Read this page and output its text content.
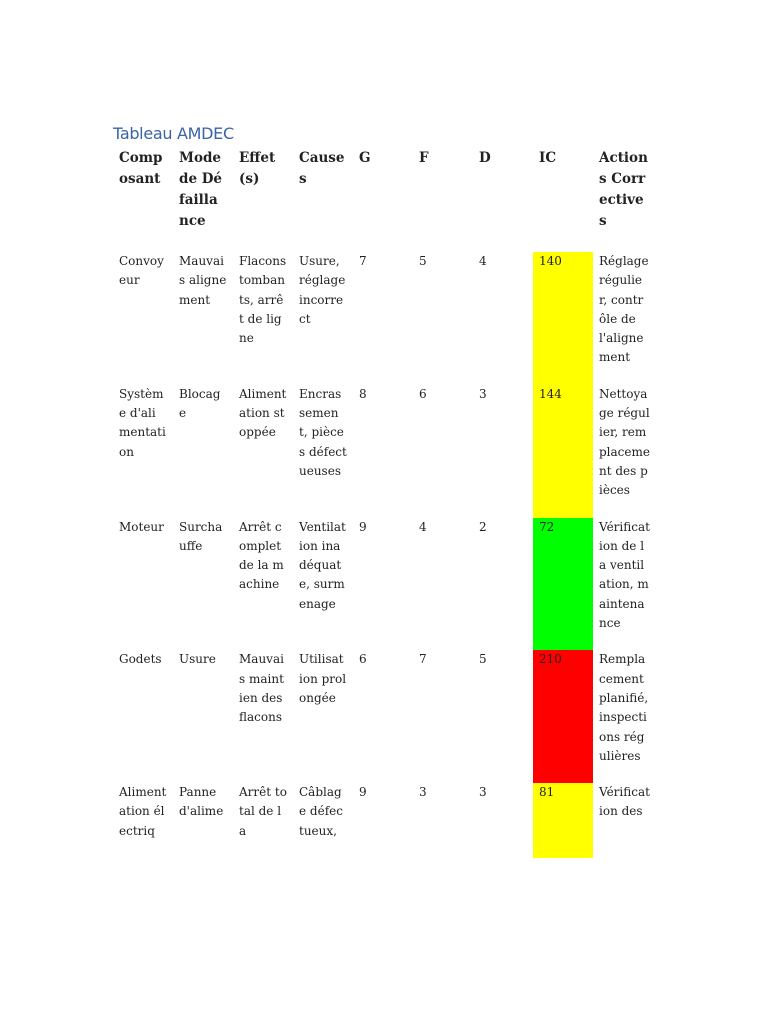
Tableau AMDEC
Composant	Mode de Défaillance	Effet(s)	Causes	G	F	D	IC	Actions Correctives
Convoyeur	Mauvais alignement	Flacons tombants, arrêt de ligne	Usure, réglage incorrect	7	5	4	140	Réglage régulier, contrôle de l'alignement
Système d'alimentation	Blocage	Alimentation stoppée	Encrassement, pièces défectueuses	8	6	3	144	Nettoyage régulier, remplacement des pièces
Moteur	Surchauffe	Arrêt complet de la machine	Ventilation inadéquate, surmenage	9	4	2	72	Vérification de la ventilation, maintenance
Godets	Usure	Mauvais maintien des flacons	Utilisation prolongée	6	7	5	210	Remplacement planifié, inspections régulières
Alimentation électriq	Panne d'alime	Arrêt total de la	Câblage défectueux,	9	3	3	81	Vérification des
